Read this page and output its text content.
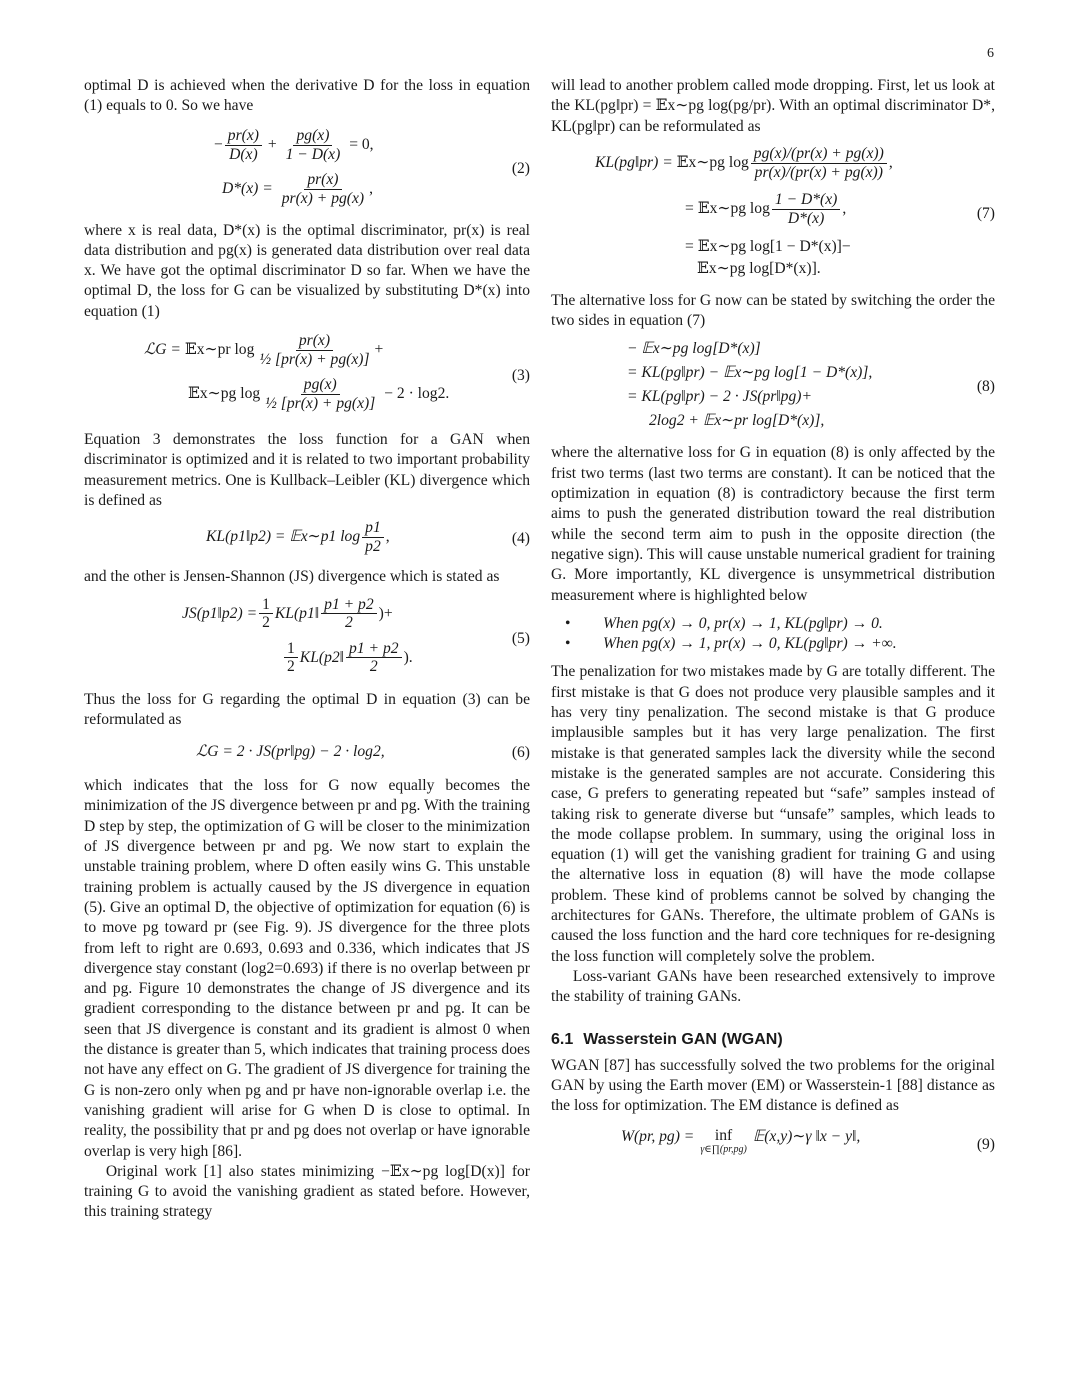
6

optimal D is achieved when the derivative D for the loss in equation (1) equals to 0. So we have

− $\frac{pr(x)}{D(x)} + \frac{pg(x)}{1 - D(x)} = 0$,
$D*(x) = \frac{pr(x)}{pr(x) + pg(x)}$ ,
(2)

where x is real data, D*(x) is the optimal discriminator, pr(x) is real data distribution and pg(x) is generated data distribution over real data x. We have got the optimal discriminator D so far. When we have the optimal D, the loss for G can be visualized by substituting D*(x) into equation (1)

ℒG = 𝔼x∼pr $\log \frac{pr(x)}{\text{½ [pr(x) + pg(x)]}}$ +
𝔼x∼pg $\log \frac{pg(x)}{\text{½ [pr(x) + pg(x)]}} - 2 \cdot \log 2$.
(3)

Equation 3 demonstrates the loss function for a GAN when discriminator is optimized and it is related to two important probability measurement metrics. One is Kullback–Leibler (KL) divergence which is defined as

KL(p1‖p2) = 𝔼x∼p1 $\log \frac{p1}{p2}$ ,	(4)

and the other is Jensen-Shannon (JS) divergence which is stated as

JS(p1‖p2) = $\frac{1}{2}$ KL(p1‖ $\frac{p1 + p2}{2}$ )+
$\frac{1}{2}$ KL(p2‖ $\frac{p1 + p2}{2}$ ).
(5)

Thus the loss for G regarding the optimal D in equation (3) can be reformulated as

ℒG = 2 · JS(pr‖pg) − 2 · log2,	(6)

which indicates that the loss for G now equally becomes the minimization of the JS divergence between pr and pg. With the training D step by step, the optimization of G will be closer to the minimization of JS divergence between pr and pg. We now start to explain the unstable training problem, where D often easily wins G. This unstable training problem is actually caused by the JS divergence in equation (5). Give an optimal D, the objective of optimization for equation (6) is to move pg toward pr (see Fig. 9). JS divergence for the three plots from left to right are 0.693, 0.693 and 0.336, which indicates that JS divergence stay constant (log2=0.693) if there is no overlap between pr and pg. Figure 10 demonstrates the change of JS divergence and its gradient corresponding to the distance between pr and pg. It can be seen that JS divergence is constant and its gradient is almost 0 when the distance is greater than 5, which indicates that training process does not have any effect on G. The gradient of JS divergence for training the G is non-zero only when pg and pr have non-ignorable overlap i.e. the vanishing gradient will arise for G when D is close to optimal. In reality, the possibility that pr and pg does not overlap or have ignorable overlap is very high [86].

Original work [1] also states minimizing −𝔼x∼pg log[D(x)] for training G to avoid the vanishing gradient as stated before. However, this training strategy

will lead to another problem called mode dropping. First, let us look at the KL(pg‖pr) = 𝔼x∼pg log(pg/pr). With an optimal discriminator D*, KL(pg‖pr) can be reformulated as

KL(pg‖pr) = 𝔼x∼pg $\log \frac{pg(x)/(pr(x) + pg(x))}{pr(x)/(pr(x) + pg(x))}$ ,
= 𝔼x∼pg $\log \frac{1 - D*(x)}{D*(x)}$ ,
= 𝔼x∼pg log[1 − D*(x)]−
𝔼x∼pg log[D*(x)].
(7)

The alternative loss for G now can be stated by switching the order the two sides in equation (7)

− 𝔼x∼pg log[D*(x)]
= KL(pg‖pr) − 𝔼x∼pg log[1 − D*(x)],
= KL(pg‖pr) − 2 · JS(pr‖pg)+
2log2 + 𝔼x∼pr log[D*(x)],
(8)

where the alternative loss for G in equation (8) is only affected by the frist two terms (last two terms are constant). It can be noticed that the optimization in equation (8) is contradictory because the first term aims to push the generated distribution toward the real distribution while the second term aim to push in the opposite direction (the negative sign). This will cause unstable numerical gradient for training G. More importantly, KL divergence is unsymmetrical distribution measurement where is highlighted below

• When pg(x) → 0, pr(x) → 1, KL(pg‖pr) → 0.
• When pg(x) → 1, pr(x) → 0, KL(pg‖pr) → +∞.

The penalization for two mistakes made by G are totally different. The first mistake is that G does not produce very plausible samples and it has very tiny penalization. The second mistake is that G produce implausible samples but it has very large penalization. The first mistake is that generated samples lack the diversity while the second mistake is the generated samples are not accurate. Considering this case, G prefers to generating repeated but “safe” samples instead of taking risk to generate diverse but “unsafe” samples, which leads to the mode collapse problem. In summary, using the original loss in equation (1) will get the vanishing gradient for training G and using the alternative loss in equation (8) will have the mode collapse problem. These kind of problems cannot be solved by changing the architectures for GANs. Therefore, the ultimate problem of GANs is caused the loss function and the hard core techniques for re-designing the loss function will completely solve the problem.

Loss-variant GANs have been researched extensively to improve the stability of training GANs.

6.1 Wasserstein GAN (WGAN)

WGAN [87] has successfully solved the two problems for the original GAN by using the Earth mover (EM) or Wasserstein-1 [88] distance as the loss for optimization. The EM distance is defined as

W(pr, pg) = inf
γ∈∏(pr,pg)
𝔼(x,y)∼γ ‖x − y‖,	(9)
